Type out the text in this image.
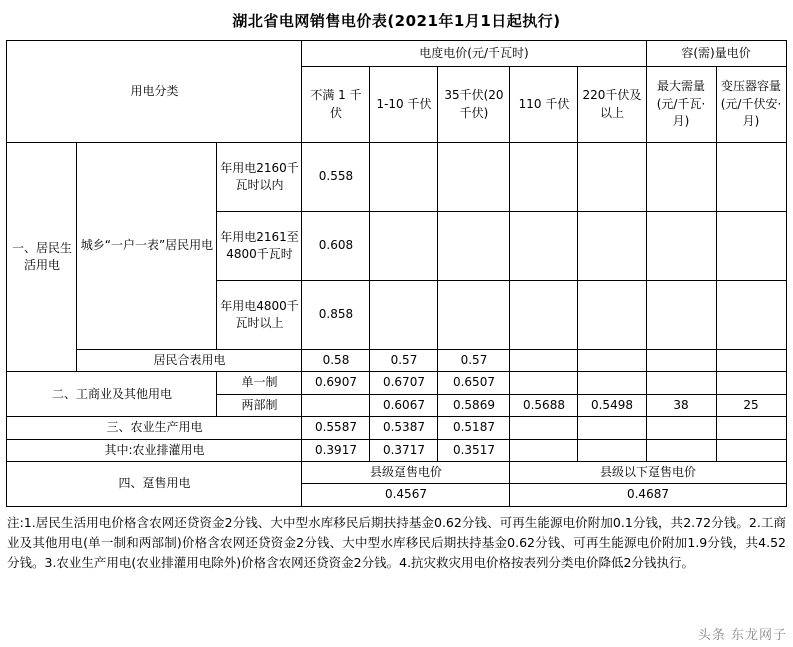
湖北省电网销售电价表(2021年1月1日起执行)
用电分类			电度电价(元/千瓦时)					容(需)量电价	
			不满 1 千伏	1-10 千伏	35千伏(20千伏)	110 千伏	220千伏及以上	最大需量(元/千瓦·月)	变压器容量(元/千伏安·月)
一、居民生活用电	城乡“一户一表”居民用电	年用电2160千瓦时以内	0.558						
		年用电2161至4800千瓦时	0.608						
		年用电4800千瓦时以上	0.858						
	居民合表用电		0.58	0.57	0.57				
二、工商业及其他用电		单一制	0.6907	0.6707	0.6507				
		两部制		0.6067	0.5869	0.5688	0.5498	38	25
三、农业生产用电			0.5587	0.5387	0.5187				
其中:农业排灌用电			0.3917	0.3717	0.3517				
四、趸售用电			县级趸售电价			县级以下趸售电价			
			0.4567			0.4687			
注:1.居民生活用电价格含农网还贷资金2分钱、大中型水库移民后期扶持基金0.62分钱、可再生能源电价附加0.1分钱，共2.72分钱。2.工商业及其他用电(单一制和两部制)价格含农网还贷资金2分钱、大中型水库移民后期扶持基金0.62分钱、可再生能源电价附加1.9分钱，共4.52分钱。3.农业生产用电(农业排灌用电除外)价格含农网还贷资金2分钱。4.抗灾救灾用电价格按表列分类电价降低2分钱执行。
头条 东龙网子
